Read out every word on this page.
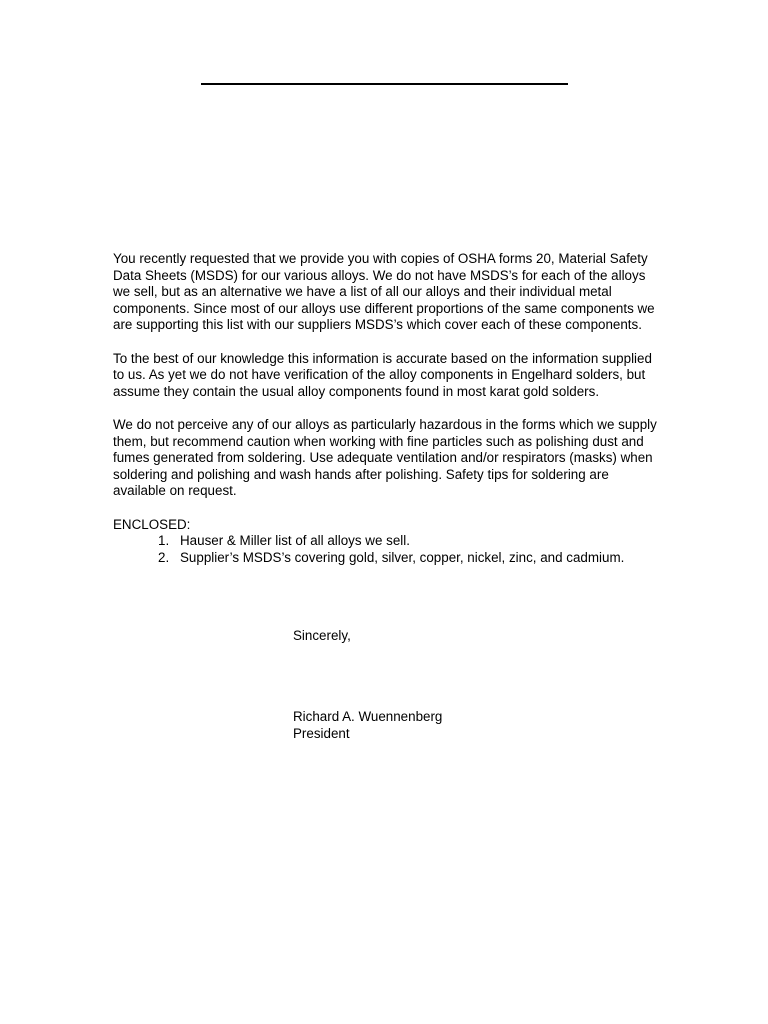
You recently requested that we provide you with copies of OSHA forms 20, Material Safety Data Sheets (MSDS) for our various alloys. We do not have MSDS’s for each of the alloys we sell, but as an alternative we have a list of all our alloys and their individual metal components. Since most of our alloys use different proportions of the same components we are supporting this list with our suppliers MSDS’s which cover each of these components.

To the best of our knowledge this information is accurate based on the information supplied to us. As yet we do not have verification of the alloy components in Engelhard solders, but assume they contain the usual alloy components found in most karat gold solders.

We do not perceive any of our alloys as particularly hazardous in the forms which we supply them, but recommend caution when working with fine particles such as polishing dust and fumes generated from soldering. Use adequate ventilation and/or respirators (masks) when soldering and polishing and wash hands after polishing. Safety tips for soldering are available on request.

ENCLOSED:
1. Hauser & Miller list of all alloys we sell.
2. Supplier’s MSDS’s covering gold, silver, copper, nickel, zinc, and cadmium.
Sincerely,
Richard A. Wuennenberg
President
